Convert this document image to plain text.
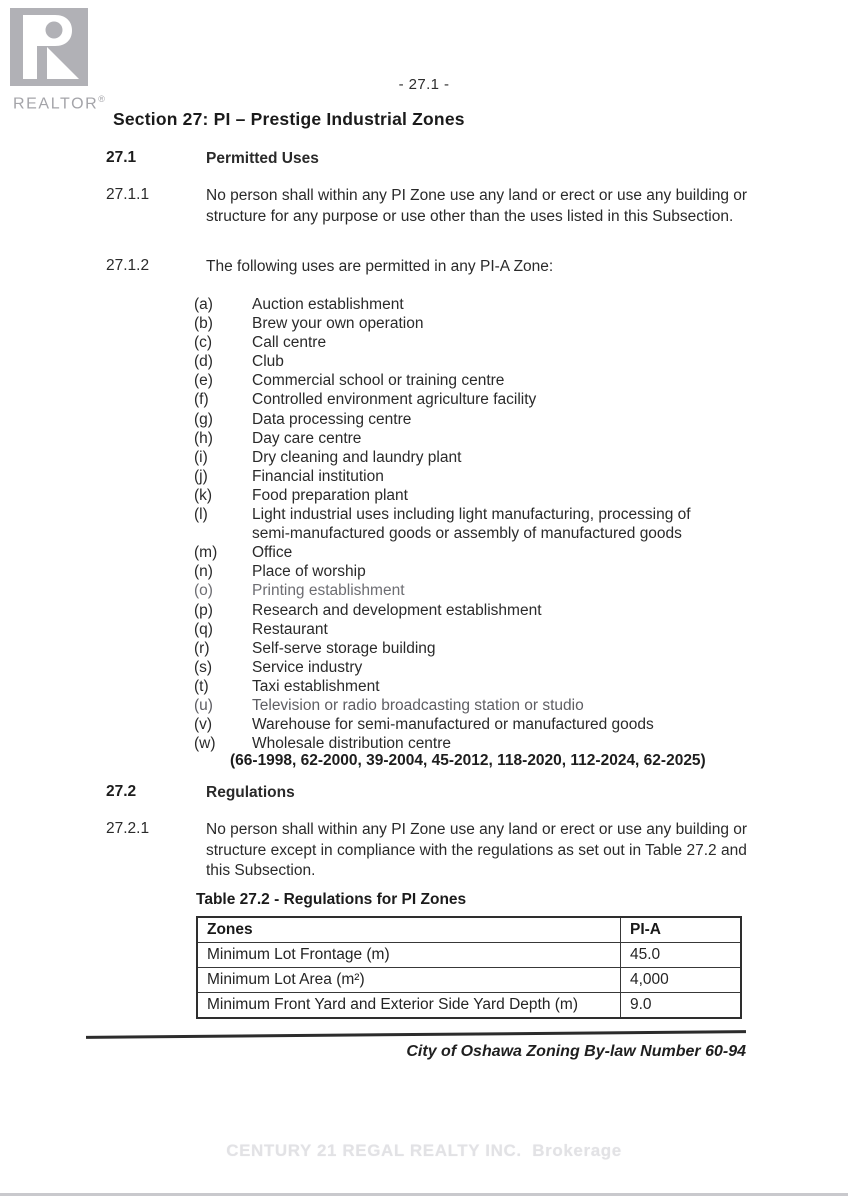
REALTOR®
- 27.1 -
Section 27: PI – Prestige Industrial Zones
27.1	Permitted Uses
27.1.1	No person shall within any PI Zone use any land or erect or use any building or structure for any purpose or use other than the uses listed in this Subsection.
27.1.2	The following uses are permitted in any PI-A Zone:
(a)	Auction establishment
(b)	Brew your own operation
(c)	Call centre
(d)	Club
(e)	Commercial school or training centre
(f)	Controlled environment agriculture facility
(g)	Data processing centre
(h)	Day care centre
(i)	Dry cleaning and laundry plant
(j)	Financial institution
(k)	Food preparation plant
(l)	Light industrial uses including light manufacturing, processing of semi-manufactured goods or assembly of manufactured goods
(m)	Office
(n)	Place of worship
(o)	Printing establishment
(p)	Research and development establishment
(q)	Restaurant
(r)	Self-serve storage building
(s)	Service industry
(t)	Taxi establishment
(u)	Television or radio broadcasting station or studio
(v)	Warehouse for semi-manufactured or manufactured goods
(w)	Wholesale distribution centre
(66-1998, 62-2000, 39-2004, 45-2012, 118-2020, 112-2024, 62-2025)
27.2	Regulations
27.2.1	No person shall within any PI Zone use any land or erect or use any building or structure except in compliance with the regulations as set out in Table 27.2 and this Subsection.
Table 27.2 - Regulations for PI Zones
Zones	PI-A
Minimum Lot Frontage (m)	45.0
Minimum Lot Area (m²)	4,000
Minimum Front Yard and Exterior Side Yard Depth (m)	9.0
City of Oshawa Zoning By-law Number 60-94
CENTURY 21 REGAL REALTY INC.  Brokerage
